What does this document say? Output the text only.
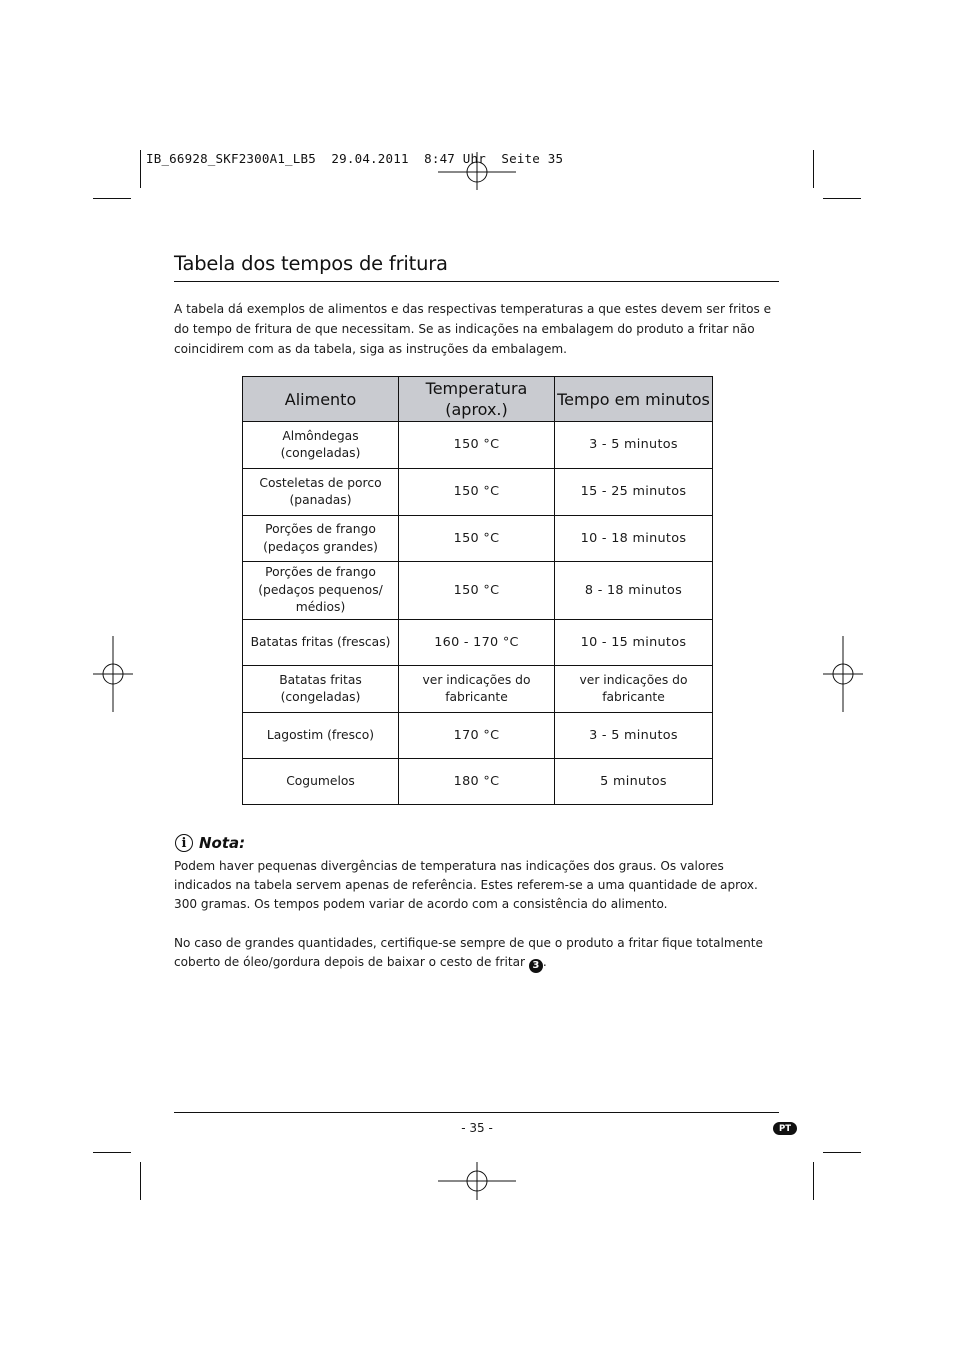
IB_66928_SKF2300A1_LB5  29.04.2011  8:47 Uhr  Seite 35
Tabela dos tempos de fritura
A tabela dá exemplos de alimentos e das respectivas temperaturas a que estes devem ser fritos e do tempo de fritura de que necessitam. Se as indicações na embalagem do produto a fritar não coincidirem com as da tabela, siga as instruções da embalagem.
Alimento	Temperatura (aprox.)	Tempo em minutos
Almôndegas (congeladas)	150 °C	3 - 5 minutos
Costeletas de porco (panadas)	150 °C	15 - 25 minutos
Porções de frango (pedaços grandes)	150 °C	10 - 18 minutos
Porções de frango (pedaços pequenos/ médios)	150 °C	8 - 18 minutos
Batatas fritas (frescas)	160 - 170 °C	10 - 15 minutos
Batatas fritas (congeladas)	ver indicações do fabricante	ver indicações do fabricante
Lagostim (fresco)	170 °C	3 - 5 minutos
Cogumelos	180 °C	5 minutos
i Nota:
Podem haver pequenas divergências de temperatura nas indicações dos graus. Os valores indicados na tabela servem apenas de referência. Estes referem-se a uma quantidade de aprox. 300 gramas. Os tempos podem variar de acordo com a consistência do alimento.
No caso de grandes quantidades, certifique-se sempre de que o produto a fritar fique totalmente coberto de óleo/gordura depois de baixar o cesto de fritar 3 .
- 35 -	PT
